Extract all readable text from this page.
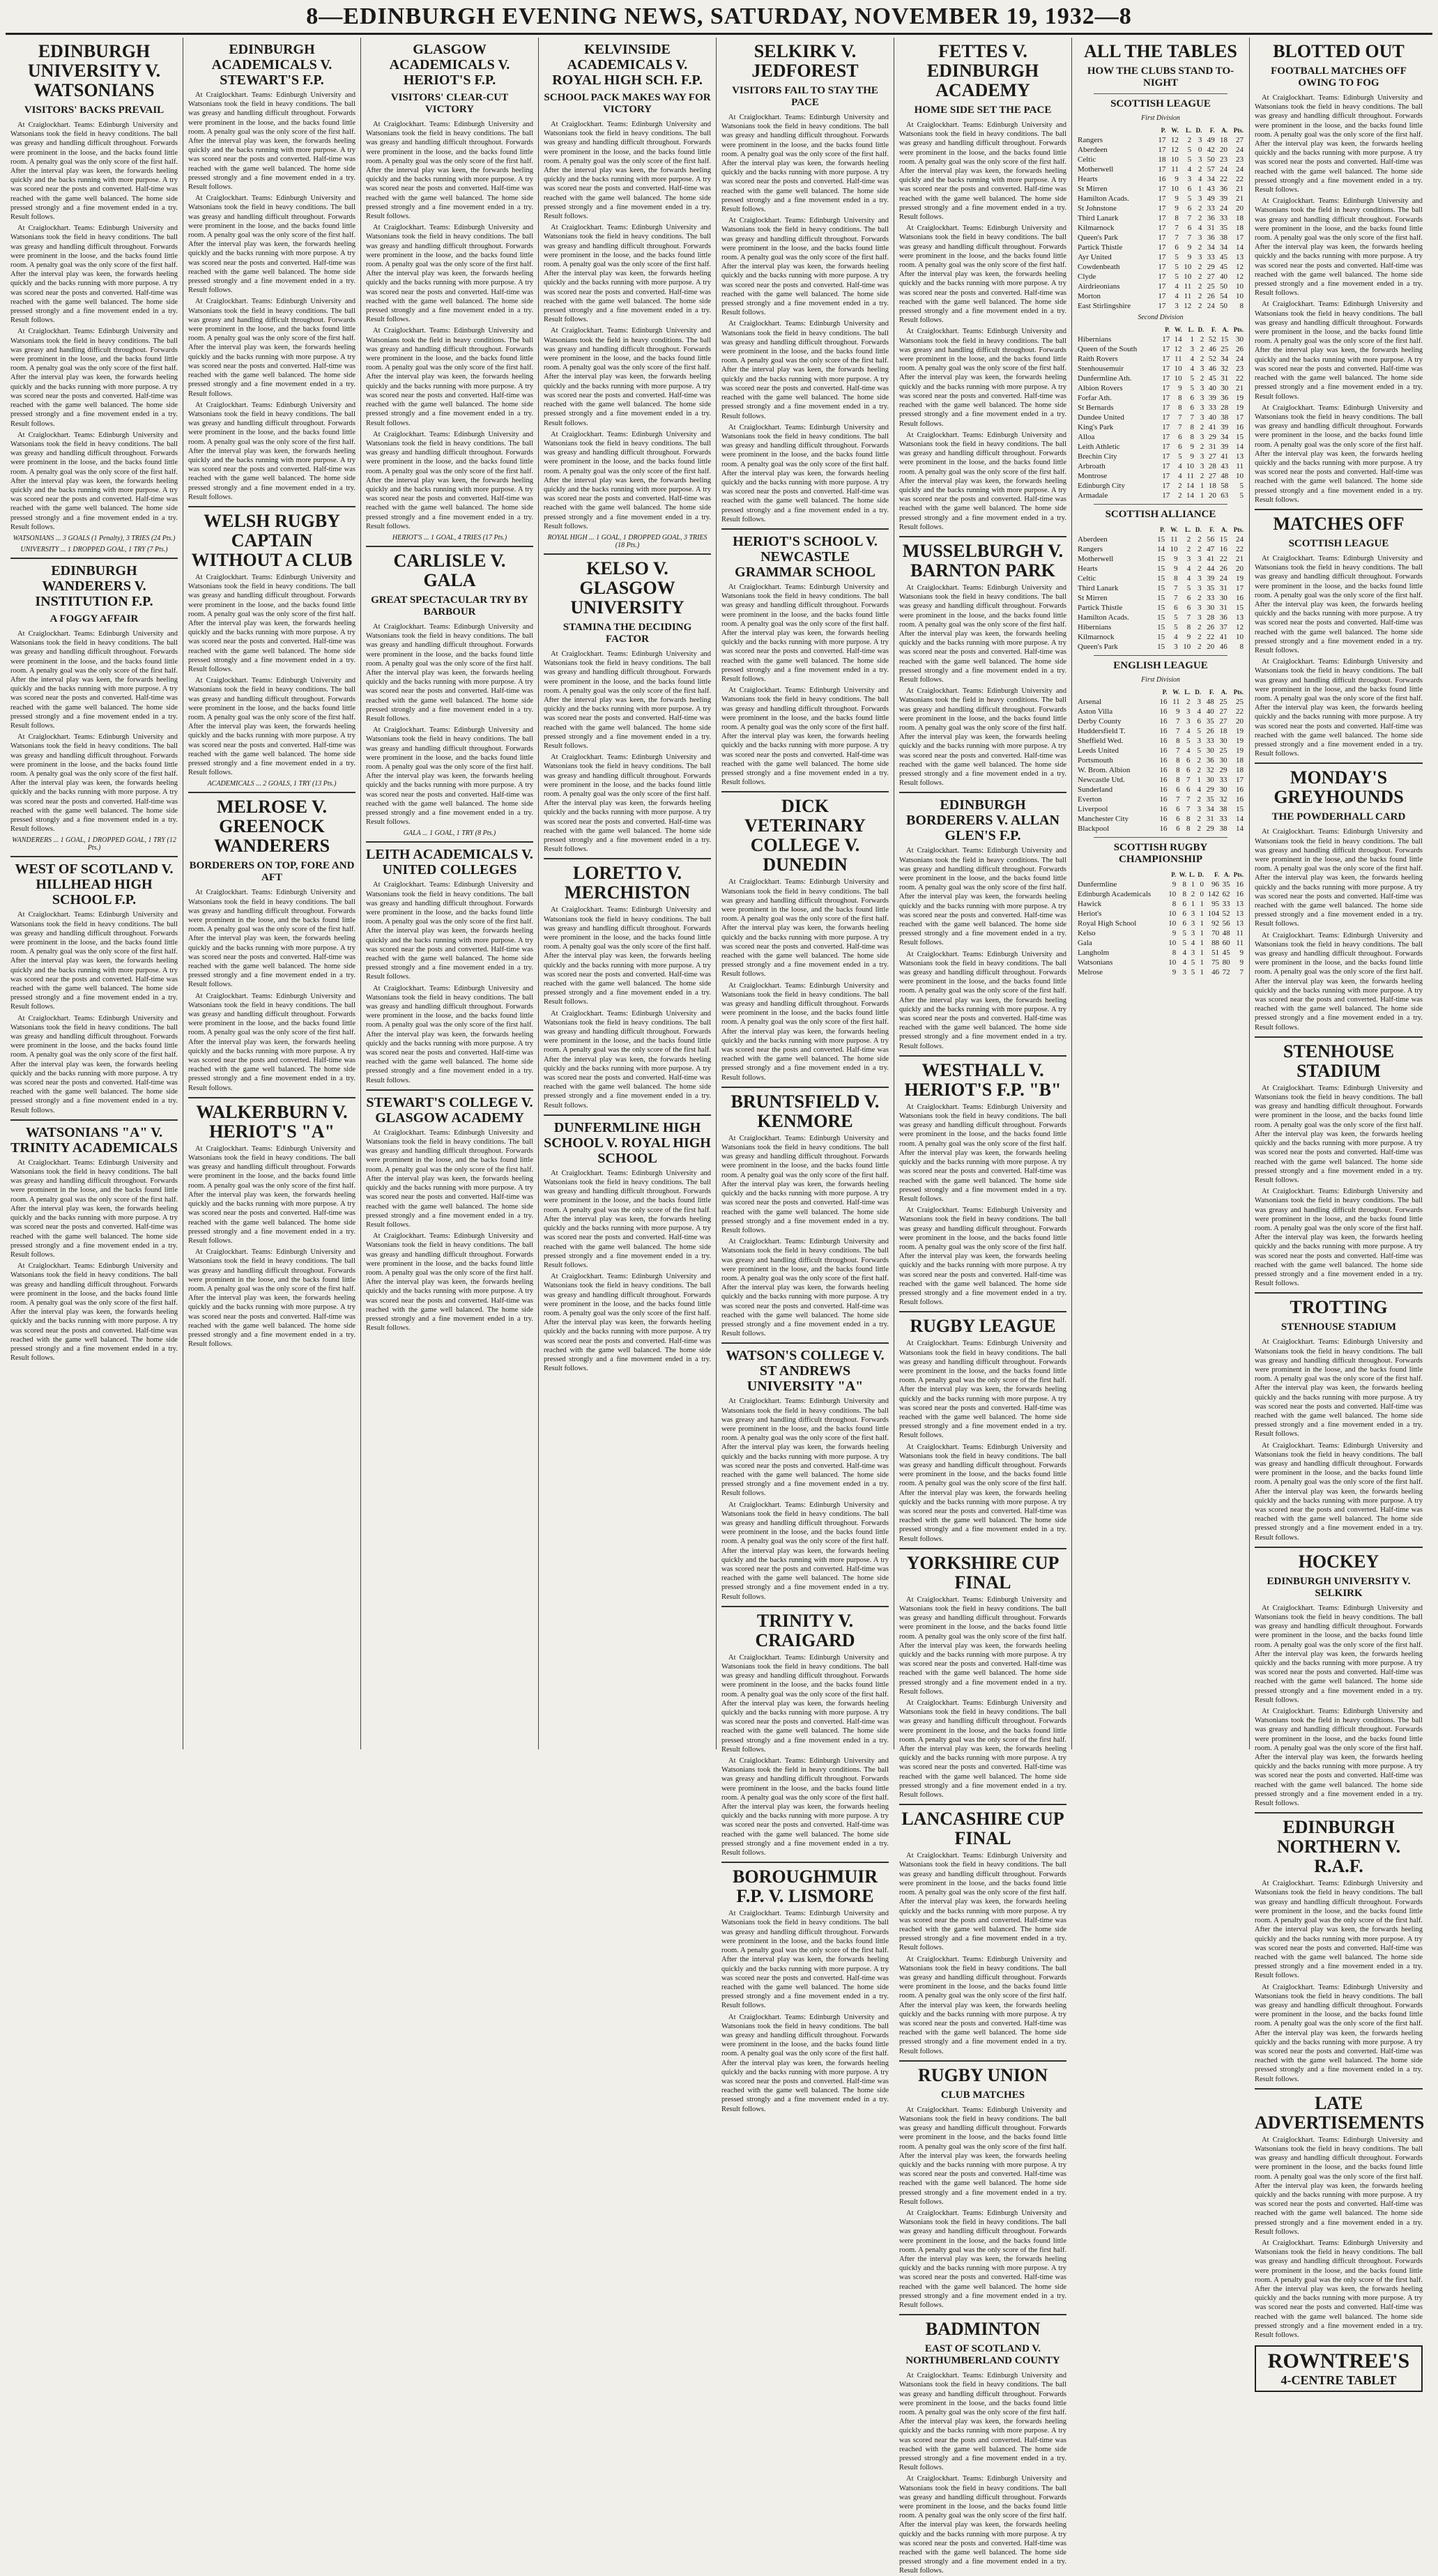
8—EDINBURGH EVENING NEWS, SATURDAY, NOVEMBER 19, 1932—8
EDINBURGH UNIVERSITY V. WATSONIANS
VISITORS' BACKS PREVAIL

At Craiglockhart. Teams: Edinburgh University and Watsonians took the field in heavy conditions. The ball was greasy and handling difficult throughout. Forwards were prominent in the loose, and the backs found little room. A penalty goal was the only score of the first half. After the interval play was keen, the forwards heeling quickly and the backs running with more purpose. A try was scored near the posts and converted. Half-time was reached with the game well balanced. The home side pressed strongly and a fine movement ended in a try. Result follows.

At Craiglockhart. Teams: Edinburgh University and Watsonians took the field in heavy conditions. The ball was greasy and handling difficult throughout. Forwards were prominent in the loose, and the backs found little room. A penalty goal was the only score of the first half. After the interval play was keen, the forwards heeling quickly and the backs running with more purpose. A try was scored near the posts and converted. Half-time was reached with the game well balanced. The home side pressed strongly and a fine movement ended in a try. Result follows.

At Craiglockhart. Teams: Edinburgh University and Watsonians took the field in heavy conditions. The ball was greasy and handling difficult throughout. Forwards were prominent in the loose, and the backs found little room. A penalty goal was the only score of the first half. After the interval play was keen, the forwards heeling quickly and the backs running with more purpose. A try was scored near the posts and converted. Half-time was reached with the game well balanced. The home side pressed strongly and a fine movement ended in a try. Result follows.

At Craiglockhart. Teams: Edinburgh University and Watsonians took the field in heavy conditions. The ball was greasy and handling difficult throughout. Forwards were prominent in the loose, and the backs found little room. A penalty goal was the only score of the first half. After the interval play was keen, the forwards heeling quickly and the backs running with more purpose. A try was scored near the posts and converted. Half-time was reached with the game well balanced. The home side pressed strongly and a fine movement ended in a try. Result follows.

WATSONIANS ... 3 GOALS (1 Penalty), 3 TRIES (24 Pts.)
UNIVERSITY ... 1 DROPPED GOAL, 1 TRY (7 Pts.)
EDINBURGH WANDERERS V. INSTITUTION F.P.
A FOGGY AFFAIR

At Craiglockhart. Teams: Edinburgh University and Watsonians took the field in heavy conditions. The ball was greasy and handling difficult throughout. Forwards were prominent in the loose, and the backs found little room. A penalty goal was the only score of the first half. After the interval play was keen, the forwards heeling quickly and the backs running with more purpose. A try was scored near the posts and converted. Half-time was reached with the game well balanced. The home side pressed strongly and a fine movement ended in a try. Result follows.

At Craiglockhart. Teams: Edinburgh University and Watsonians took the field in heavy conditions. The ball was greasy and handling difficult throughout. Forwards were prominent in the loose, and the backs found little room. A penalty goal was the only score of the first half. After the interval play was keen, the forwards heeling quickly and the backs running with more purpose. A try was scored near the posts and converted. Half-time was reached with the game well balanced. The home side pressed strongly and a fine movement ended in a try. Result follows.

WANDERERS ... 1 GOAL, 1 DROPPED GOAL, 1 TRY (12 Pts.)
WEST OF SCOTLAND V. HILLHEAD HIGH SCHOOL F.P.

At Craiglockhart. Teams: Edinburgh University and Watsonians took the field in heavy conditions. The ball was greasy and handling difficult throughout. Forwards were prominent in the loose, and the backs found little room. A penalty goal was the only score of the first half. After the interval play was keen, the forwards heeling quickly and the backs running with more purpose. A try was scored near the posts and converted. Half-time was reached with the game well balanced. The home side pressed strongly and a fine movement ended in a try. Result follows.

At Craiglockhart. Teams: Edinburgh University and Watsonians took the field in heavy conditions. The ball was greasy and handling difficult throughout. Forwards were prominent in the loose, and the backs found little room. A penalty goal was the only score of the first half. After the interval play was keen, the forwards heeling quickly and the backs running with more purpose. A try was scored near the posts and converted. Half-time was reached with the game well balanced. The home side pressed strongly and a fine movement ended in a try. Result follows.

WATSONIANS "A" V. TRINITY ACADEMICALS

At Craiglockhart. Teams: Edinburgh University and Watsonians took the field in heavy conditions. The ball was greasy and handling difficult throughout. Forwards were prominent in the loose, and the backs found little room. A penalty goal was the only score of the first half. After the interval play was keen, the forwards heeling quickly and the backs running with more purpose. A try was scored near the posts and converted. Half-time was reached with the game well balanced. The home side pressed strongly and a fine movement ended in a try. Result follows.

At Craiglockhart. Teams: Edinburgh University and Watsonians took the field in heavy conditions. The ball was greasy and handling difficult throughout. Forwards were prominent in the loose, and the backs found little room. A penalty goal was the only score of the first half. After the interval play was keen, the forwards heeling quickly and the backs running with more purpose. A try was scored near the posts and converted. Half-time was reached with the game well balanced. The home side pressed strongly and a fine movement ended in a try. Result follows.

EDINBURGH ACADEMICALS V. STEWART'S F.P.

At Craiglockhart. Teams: Edinburgh University and Watsonians took the field in heavy conditions. The ball was greasy and handling difficult throughout. Forwards were prominent in the loose, and the backs found little room. A penalty goal was the only score of the first half. After the interval play was keen, the forwards heeling quickly and the backs running with more purpose. A try was scored near the posts and converted. Half-time was reached with the game well balanced. The home side pressed strongly and a fine movement ended in a try. Result follows.

At Craiglockhart. Teams: Edinburgh University and Watsonians took the field in heavy conditions. The ball was greasy and handling difficult throughout. Forwards were prominent in the loose, and the backs found little room. A penalty goal was the only score of the first half. After the interval play was keen, the forwards heeling quickly and the backs running with more purpose. A try was scored near the posts and converted. Half-time was reached with the game well balanced. The home side pressed strongly and a fine movement ended in a try. Result follows.

At Craiglockhart. Teams: Edinburgh University and Watsonians took the field in heavy conditions. The ball was greasy and handling difficult throughout. Forwards were prominent in the loose, and the backs found little room. A penalty goal was the only score of the first half. After the interval play was keen, the forwards heeling quickly and the backs running with more purpose. A try was scored near the posts and converted. Half-time was reached with the game well balanced. The home side pressed strongly and a fine movement ended in a try. Result follows.

At Craiglockhart. Teams: Edinburgh University and Watsonians took the field in heavy conditions. The ball was greasy and handling difficult throughout. Forwards were prominent in the loose, and the backs found little room. A penalty goal was the only score of the first half. After the interval play was keen, the forwards heeling quickly and the backs running with more purpose. A try was scored near the posts and converted. Half-time was reached with the game well balanced. The home side pressed strongly and a fine movement ended in a try. Result follows.

WELSH RUGBY CAPTAIN WITHOUT A CLUB

At Craiglockhart. Teams: Edinburgh University and Watsonians took the field in heavy conditions. The ball was greasy and handling difficult throughout. Forwards were prominent in the loose, and the backs found little room. A penalty goal was the only score of the first half. After the interval play was keen, the forwards heeling quickly and the backs running with more purpose. A try was scored near the posts and converted. Half-time was reached with the game well balanced. The home side pressed strongly and a fine movement ended in a try. Result follows.

At Craiglockhart. Teams: Edinburgh University and Watsonians took the field in heavy conditions. The ball was greasy and handling difficult throughout. Forwards were prominent in the loose, and the backs found little room. A penalty goal was the only score of the first half. After the interval play was keen, the forwards heeling quickly and the backs running with more purpose. A try was scored near the posts and converted. Half-time was reached with the game well balanced. The home side pressed strongly and a fine movement ended in a try. Result follows.

ACADEMICALS ... 2 GOALS, 1 TRY (13 Pts.)
MELROSE V. GREENOCK WANDERERS
BORDERERS ON TOP, FORE AND AFT

At Craiglockhart. Teams: Edinburgh University and Watsonians took the field in heavy conditions. The ball was greasy and handling difficult throughout. Forwards were prominent in the loose, and the backs found little room. A penalty goal was the only score of the first half. After the interval play was keen, the forwards heeling quickly and the backs running with more purpose. A try was scored near the posts and converted. Half-time was reached with the game well balanced. The home side pressed strongly and a fine movement ended in a try. Result follows.

At Craiglockhart. Teams: Edinburgh University and Watsonians took the field in heavy conditions. The ball was greasy and handling difficult throughout. Forwards were prominent in the loose, and the backs found little room. A penalty goal was the only score of the first half. After the interval play was keen, the forwards heeling quickly and the backs running with more purpose. A try was scored near the posts and converted. Half-time was reached with the game well balanced. The home side pressed strongly and a fine movement ended in a try. Result follows.

WALKERBURN V. HERIOT'S "A"

At Craiglockhart. Teams: Edinburgh University and Watsonians took the field in heavy conditions. The ball was greasy and handling difficult throughout. Forwards were prominent in the loose, and the backs found little room. A penalty goal was the only score of the first half. After the interval play was keen, the forwards heeling quickly and the backs running with more purpose. A try was scored near the posts and converted. Half-time was reached with the game well balanced. The home side pressed strongly and a fine movement ended in a try. Result follows.

At Craiglockhart. Teams: Edinburgh University and Watsonians took the field in heavy conditions. The ball was greasy and handling difficult throughout. Forwards were prominent in the loose, and the backs found little room. A penalty goal was the only score of the first half. After the interval play was keen, the forwards heeling quickly and the backs running with more purpose. A try was scored near the posts and converted. Half-time was reached with the game well balanced. The home side pressed strongly and a fine movement ended in a try. Result follows.

GLASGOW ACADEMICALS V. HERIOT'S F.P.
VISITORS' CLEAR-CUT VICTORY

At Craiglockhart. Teams: Edinburgh University and Watsonians took the field in heavy conditions. The ball was greasy and handling difficult throughout. Forwards were prominent in the loose, and the backs found little room. A penalty goal was the only score of the first half. After the interval play was keen, the forwards heeling quickly and the backs running with more purpose. A try was scored near the posts and converted. Half-time was reached with the game well balanced. The home side pressed strongly and a fine movement ended in a try. Result follows.

At Craiglockhart. Teams: Edinburgh University and Watsonians took the field in heavy conditions. The ball was greasy and handling difficult throughout. Forwards were prominent in the loose, and the backs found little room. A penalty goal was the only score of the first half. After the interval play was keen, the forwards heeling quickly and the backs running with more purpose. A try was scored near the posts and converted. Half-time was reached with the game well balanced. The home side pressed strongly and a fine movement ended in a try. Result follows.

At Craiglockhart. Teams: Edinburgh University and Watsonians took the field in heavy conditions. The ball was greasy and handling difficult throughout. Forwards were prominent in the loose, and the backs found little room. A penalty goal was the only score of the first half. After the interval play was keen, the forwards heeling quickly and the backs running with more purpose. A try was scored near the posts and converted. Half-time was reached with the game well balanced. The home side pressed strongly and a fine movement ended in a try. Result follows.

At Craiglockhart. Teams: Edinburgh University and Watsonians took the field in heavy conditions. The ball was greasy and handling difficult throughout. Forwards were prominent in the loose, and the backs found little room. A penalty goal was the only score of the first half. After the interval play was keen, the forwards heeling quickly and the backs running with more purpose. A try was scored near the posts and converted. Half-time was reached with the game well balanced. The home side pressed strongly and a fine movement ended in a try. Result follows.

HERIOT'S ... 1 GOAL, 4 TRIES (17 Pts.)
CARLISLE V. GALA
GREAT SPECTACULAR TRY BY BARBOUR

At Craiglockhart. Teams: Edinburgh University and Watsonians took the field in heavy conditions. The ball was greasy and handling difficult throughout. Forwards were prominent in the loose, and the backs found little room. A penalty goal was the only score of the first half. After the interval play was keen, the forwards heeling quickly and the backs running with more purpose. A try was scored near the posts and converted. Half-time was reached with the game well balanced. The home side pressed strongly and a fine movement ended in a try. Result follows.

At Craiglockhart. Teams: Edinburgh University and Watsonians took the field in heavy conditions. The ball was greasy and handling difficult throughout. Forwards were prominent in the loose, and the backs found little room. A penalty goal was the only score of the first half. After the interval play was keen, the forwards heeling quickly and the backs running with more purpose. A try was scored near the posts and converted. Half-time was reached with the game well balanced. The home side pressed strongly and a fine movement ended in a try. Result follows.

GALA ... 1 GOAL, 1 TRY (8 Pts.)
LEITH ACADEMICALS V. UNITED COLLEGES

At Craiglockhart. Teams: Edinburgh University and Watsonians took the field in heavy conditions. The ball was greasy and handling difficult throughout. Forwards were prominent in the loose, and the backs found little room. A penalty goal was the only score of the first half. After the interval play was keen, the forwards heeling quickly and the backs running with more purpose. A try was scored near the posts and converted. Half-time was reached with the game well balanced. The home side pressed strongly and a fine movement ended in a try. Result follows.

At Craiglockhart. Teams: Edinburgh University and Watsonians took the field in heavy conditions. The ball was greasy and handling difficult throughout. Forwards were prominent in the loose, and the backs found little room. A penalty goal was the only score of the first half. After the interval play was keen, the forwards heeling quickly and the backs running with more purpose. A try was scored near the posts and converted. Half-time was reached with the game well balanced. The home side pressed strongly and a fine movement ended in a try. Result follows.

STEWART'S COLLEGE V. GLASGOW ACADEMY

At Craiglockhart. Teams: Edinburgh University and Watsonians took the field in heavy conditions. The ball was greasy and handling difficult throughout. Forwards were prominent in the loose, and the backs found little room. A penalty goal was the only score of the first half. After the interval play was keen, the forwards heeling quickly and the backs running with more purpose. A try was scored near the posts and converted. Half-time was reached with the game well balanced. The home side pressed strongly and a fine movement ended in a try. Result follows.

At Craiglockhart. Teams: Edinburgh University and Watsonians took the field in heavy conditions. The ball was greasy and handling difficult throughout. Forwards were prominent in the loose, and the backs found little room. A penalty goal was the only score of the first half. After the interval play was keen, the forwards heeling quickly and the backs running with more purpose. A try was scored near the posts and converted. Half-time was reached with the game well balanced. The home side pressed strongly and a fine movement ended in a try. Result follows.

KELVINSIDE ACADEMICALS V. ROYAL HIGH SCH. F.P.
SCHOOL PACK MAKES WAY FOR VICTORY

At Craiglockhart. Teams: Edinburgh University and Watsonians took the field in heavy conditions. The ball was greasy and handling difficult throughout. Forwards were prominent in the loose, and the backs found little room. A penalty goal was the only score of the first half. After the interval play was keen, the forwards heeling quickly and the backs running with more purpose. A try was scored near the posts and converted. Half-time was reached with the game well balanced. The home side pressed strongly and a fine movement ended in a try. Result follows.

At Craiglockhart. Teams: Edinburgh University and Watsonians took the field in heavy conditions. The ball was greasy and handling difficult throughout. Forwards were prominent in the loose, and the backs found little room. A penalty goal was the only score of the first half. After the interval play was keen, the forwards heeling quickly and the backs running with more purpose. A try was scored near the posts and converted. Half-time was reached with the game well balanced. The home side pressed strongly and a fine movement ended in a try. Result follows.

At Craiglockhart. Teams: Edinburgh University and Watsonians took the field in heavy conditions. The ball was greasy and handling difficult throughout. Forwards were prominent in the loose, and the backs found little room. A penalty goal was the only score of the first half. After the interval play was keen, the forwards heeling quickly and the backs running with more purpose. A try was scored near the posts and converted. Half-time was reached with the game well balanced. The home side pressed strongly and a fine movement ended in a try. Result follows.

At Craiglockhart. Teams: Edinburgh University and Watsonians took the field in heavy conditions. The ball was greasy and handling difficult throughout. Forwards were prominent in the loose, and the backs found little room. A penalty goal was the only score of the first half. After the interval play was keen, the forwards heeling quickly and the backs running with more purpose. A try was scored near the posts and converted. Half-time was reached with the game well balanced. The home side pressed strongly and a fine movement ended in a try. Result follows.

ROYAL HIGH ... 1 GOAL, 1 DROPPED GOAL, 3 TRIES (18 Pts.)
KELSO V. GLASGOW UNIVERSITY
STAMINA THE DECIDING FACTOR

At Craiglockhart. Teams: Edinburgh University and Watsonians took the field in heavy conditions. The ball was greasy and handling difficult throughout. Forwards were prominent in the loose, and the backs found little room. A penalty goal was the only score of the first half. After the interval play was keen, the forwards heeling quickly and the backs running with more purpose. A try was scored near the posts and converted. Half-time was reached with the game well balanced. The home side pressed strongly and a fine movement ended in a try. Result follows.

At Craiglockhart. Teams: Edinburgh University and Watsonians took the field in heavy conditions. The ball was greasy and handling difficult throughout. Forwards were prominent in the loose, and the backs found little room. A penalty goal was the only score of the first half. After the interval play was keen, the forwards heeling quickly and the backs running with more purpose. A try was scored near the posts and converted. Half-time was reached with the game well balanced. The home side pressed strongly and a fine movement ended in a try. Result follows.

LORETTO V. MERCHISTON

At Craiglockhart. Teams: Edinburgh University and Watsonians took the field in heavy conditions. The ball was greasy and handling difficult throughout. Forwards were prominent in the loose, and the backs found little room. A penalty goal was the only score of the first half. After the interval play was keen, the forwards heeling quickly and the backs running with more purpose. A try was scored near the posts and converted. Half-time was reached with the game well balanced. The home side pressed strongly and a fine movement ended in a try. Result follows.

At Craiglockhart. Teams: Edinburgh University and Watsonians took the field in heavy conditions. The ball was greasy and handling difficult throughout. Forwards were prominent in the loose, and the backs found little room. A penalty goal was the only score of the first half. After the interval play was keen, the forwards heeling quickly and the backs running with more purpose. A try was scored near the posts and converted. Half-time was reached with the game well balanced. The home side pressed strongly and a fine movement ended in a try. Result follows.

DUNFERMLINE HIGH SCHOOL V. ROYAL HIGH SCHOOL

At Craiglockhart. Teams: Edinburgh University and Watsonians took the field in heavy conditions. The ball was greasy and handling difficult throughout. Forwards were prominent in the loose, and the backs found little room. A penalty goal was the only score of the first half. After the interval play was keen, the forwards heeling quickly and the backs running with more purpose. A try was scored near the posts and converted. Half-time was reached with the game well balanced. The home side pressed strongly and a fine movement ended in a try. Result follows.

At Craiglockhart. Teams: Edinburgh University and Watsonians took the field in heavy conditions. The ball was greasy and handling difficult throughout. Forwards were prominent in the loose, and the backs found little room. A penalty goal was the only score of the first half. After the interval play was keen, the forwards heeling quickly and the backs running with more purpose. A try was scored near the posts and converted. Half-time was reached with the game well balanced. The home side pressed strongly and a fine movement ended in a try. Result follows.

SELKIRK V. JEDFOREST
VISITORS FAIL TO STAY THE PACE

At Craiglockhart. Teams: Edinburgh University and Watsonians took the field in heavy conditions. The ball was greasy and handling difficult throughout. Forwards were prominent in the loose, and the backs found little room. A penalty goal was the only score of the first half. After the interval play was keen, the forwards heeling quickly and the backs running with more purpose. A try was scored near the posts and converted. Half-time was reached with the game well balanced. The home side pressed strongly and a fine movement ended in a try. Result follows.

At Craiglockhart. Teams: Edinburgh University and Watsonians took the field in heavy conditions. The ball was greasy and handling difficult throughout. Forwards were prominent in the loose, and the backs found little room. A penalty goal was the only score of the first half. After the interval play was keen, the forwards heeling quickly and the backs running with more purpose. A try was scored near the posts and converted. Half-time was reached with the game well balanced. The home side pressed strongly and a fine movement ended in a try. Result follows.

At Craiglockhart. Teams: Edinburgh University and Watsonians took the field in heavy conditions. The ball was greasy and handling difficult throughout. Forwards were prominent in the loose, and the backs found little room. A penalty goal was the only score of the first half. After the interval play was keen, the forwards heeling quickly and the backs running with more purpose. A try was scored near the posts and converted. Half-time was reached with the game well balanced. The home side pressed strongly and a fine movement ended in a try. Result follows.

At Craiglockhart. Teams: Edinburgh University and Watsonians took the field in heavy conditions. The ball was greasy and handling difficult throughout. Forwards were prominent in the loose, and the backs found little room. A penalty goal was the only score of the first half. After the interval play was keen, the forwards heeling quickly and the backs running with more purpose. A try was scored near the posts and converted. Half-time was reached with the game well balanced. The home side pressed strongly and a fine movement ended in a try. Result follows.

HERIOT'S SCHOOL V. NEWCASTLE GRAMMAR SCHOOL

At Craiglockhart. Teams: Edinburgh University and Watsonians took the field in heavy conditions. The ball was greasy and handling difficult throughout. Forwards were prominent in the loose, and the backs found little room. A penalty goal was the only score of the first half. After the interval play was keen, the forwards heeling quickly and the backs running with more purpose. A try was scored near the posts and converted. Half-time was reached with the game well balanced. The home side pressed strongly and a fine movement ended in a try. Result follows.

At Craiglockhart. Teams: Edinburgh University and Watsonians took the field in heavy conditions. The ball was greasy and handling difficult throughout. Forwards were prominent in the loose, and the backs found little room. A penalty goal was the only score of the first half. After the interval play was keen, the forwards heeling quickly and the backs running with more purpose. A try was scored near the posts and converted. Half-time was reached with the game well balanced. The home side pressed strongly and a fine movement ended in a try. Result follows.

DICK VETERINARY COLLEGE V. DUNEDIN

At Craiglockhart. Teams: Edinburgh University and Watsonians took the field in heavy conditions. The ball was greasy and handling difficult throughout. Forwards were prominent in the loose, and the backs found little room. A penalty goal was the only score of the first half. After the interval play was keen, the forwards heeling quickly and the backs running with more purpose. A try was scored near the posts and converted. Half-time was reached with the game well balanced. The home side pressed strongly and a fine movement ended in a try. Result follows.

At Craiglockhart. Teams: Edinburgh University and Watsonians took the field in heavy conditions. The ball was greasy and handling difficult throughout. Forwards were prominent in the loose, and the backs found little room. A penalty goal was the only score of the first half. After the interval play was keen, the forwards heeling quickly and the backs running with more purpose. A try was scored near the posts and converted. Half-time was reached with the game well balanced. The home side pressed strongly and a fine movement ended in a try. Result follows.

BRUNTSFIELD V. KENMORE

At Craiglockhart. Teams: Edinburgh University and Watsonians took the field in heavy conditions. The ball was greasy and handling difficult throughout. Forwards were prominent in the loose, and the backs found little room. A penalty goal was the only score of the first half. After the interval play was keen, the forwards heeling quickly and the backs running with more purpose. A try was scored near the posts and converted. Half-time was reached with the game well balanced. The home side pressed strongly and a fine movement ended in a try. Result follows.

At Craiglockhart. Teams: Edinburgh University and Watsonians took the field in heavy conditions. The ball was greasy and handling difficult throughout. Forwards were prominent in the loose, and the backs found little room. A penalty goal was the only score of the first half. After the interval play was keen, the forwards heeling quickly and the backs running with more purpose. A try was scored near the posts and converted. Half-time was reached with the game well balanced. The home side pressed strongly and a fine movement ended in a try. Result follows.

WATSON'S COLLEGE V. ST ANDREWS UNIVERSITY "A"

At Craiglockhart. Teams: Edinburgh University and Watsonians took the field in heavy conditions. The ball was greasy and handling difficult throughout. Forwards were prominent in the loose, and the backs found little room. A penalty goal was the only score of the first half. After the interval play was keen, the forwards heeling quickly and the backs running with more purpose. A try was scored near the posts and converted. Half-time was reached with the game well balanced. The home side pressed strongly and a fine movement ended in a try. Result follows.

At Craiglockhart. Teams: Edinburgh University and Watsonians took the field in heavy conditions. The ball was greasy and handling difficult throughout. Forwards were prominent in the loose, and the backs found little room. A penalty goal was the only score of the first half. After the interval play was keen, the forwards heeling quickly and the backs running with more purpose. A try was scored near the posts and converted. Half-time was reached with the game well balanced. The home side pressed strongly and a fine movement ended in a try. Result follows.

TRINITY V. CRAIGARD

At Craiglockhart. Teams: Edinburgh University and Watsonians took the field in heavy conditions. The ball was greasy and handling difficult throughout. Forwards were prominent in the loose, and the backs found little room. A penalty goal was the only score of the first half. After the interval play was keen, the forwards heeling quickly and the backs running with more purpose. A try was scored near the posts and converted. Half-time was reached with the game well balanced. The home side pressed strongly and a fine movement ended in a try. Result follows.

At Craiglockhart. Teams: Edinburgh University and Watsonians took the field in heavy conditions. The ball was greasy and handling difficult throughout. Forwards were prominent in the loose, and the backs found little room. A penalty goal was the only score of the first half. After the interval play was keen, the forwards heeling quickly and the backs running with more purpose. A try was scored near the posts and converted. Half-time was reached with the game well balanced. The home side pressed strongly and a fine movement ended in a try. Result follows.

BOROUGHMUIR F.P. V. LISMORE

At Craiglockhart. Teams: Edinburgh University and Watsonians took the field in heavy conditions. The ball was greasy and handling difficult throughout. Forwards were prominent in the loose, and the backs found little room. A penalty goal was the only score of the first half. After the interval play was keen, the forwards heeling quickly and the backs running with more purpose. A try was scored near the posts and converted. Half-time was reached with the game well balanced. The home side pressed strongly and a fine movement ended in a try. Result follows.

At Craiglockhart. Teams: Edinburgh University and Watsonians took the field in heavy conditions. The ball was greasy and handling difficult throughout. Forwards were prominent in the loose, and the backs found little room. A penalty goal was the only score of the first half. After the interval play was keen, the forwards heeling quickly and the backs running with more purpose. A try was scored near the posts and converted. Half-time was reached with the game well balanced. The home side pressed strongly and a fine movement ended in a try. Result follows.

FETTES V. EDINBURGH ACADEMY
HOME SIDE SET THE PACE

At Craiglockhart. Teams: Edinburgh University and Watsonians took the field in heavy conditions. The ball was greasy and handling difficult throughout. Forwards were prominent in the loose, and the backs found little room. A penalty goal was the only score of the first half. After the interval play was keen, the forwards heeling quickly and the backs running with more purpose. A try was scored near the posts and converted. Half-time was reached with the game well balanced. The home side pressed strongly and a fine movement ended in a try. Result follows.

At Craiglockhart. Teams: Edinburgh University and Watsonians took the field in heavy conditions. The ball was greasy and handling difficult throughout. Forwards were prominent in the loose, and the backs found little room. A penalty goal was the only score of the first half. After the interval play was keen, the forwards heeling quickly and the backs running with more purpose. A try was scored near the posts and converted. Half-time was reached with the game well balanced. The home side pressed strongly and a fine movement ended in a try. Result follows.

At Craiglockhart. Teams: Edinburgh University and Watsonians took the field in heavy conditions. The ball was greasy and handling difficult throughout. Forwards were prominent in the loose, and the backs found little room. A penalty goal was the only score of the first half. After the interval play was keen, the forwards heeling quickly and the backs running with more purpose. A try was scored near the posts and converted. Half-time was reached with the game well balanced. The home side pressed strongly and a fine movement ended in a try. Result follows.

At Craiglockhart. Teams: Edinburgh University and Watsonians took the field in heavy conditions. The ball was greasy and handling difficult throughout. Forwards were prominent in the loose, and the backs found little room. A penalty goal was the only score of the first half. After the interval play was keen, the forwards heeling quickly and the backs running with more purpose. A try was scored near the posts and converted. Half-time was reached with the game well balanced. The home side pressed strongly and a fine movement ended in a try. Result follows.

MUSSELBURGH V. BARNTON PARK

At Craiglockhart. Teams: Edinburgh University and Watsonians took the field in heavy conditions. The ball was greasy and handling difficult throughout. Forwards were prominent in the loose, and the backs found little room. A penalty goal was the only score of the first half. After the interval play was keen, the forwards heeling quickly and the backs running with more purpose. A try was scored near the posts and converted. Half-time was reached with the game well balanced. The home side pressed strongly and a fine movement ended in a try. Result follows.

At Craiglockhart. Teams: Edinburgh University and Watsonians took the field in heavy conditions. The ball was greasy and handling difficult throughout. Forwards were prominent in the loose, and the backs found little room. A penalty goal was the only score of the first half. After the interval play was keen, the forwards heeling quickly and the backs running with more purpose. A try was scored near the posts and converted. Half-time was reached with the game well balanced. The home side pressed strongly and a fine movement ended in a try. Result follows.

EDINBURGH BORDERERS V. ALLAN GLEN'S F.P.

At Craiglockhart. Teams: Edinburgh University and Watsonians took the field in heavy conditions. The ball was greasy and handling difficult throughout. Forwards were prominent in the loose, and the backs found little room. A penalty goal was the only score of the first half. After the interval play was keen, the forwards heeling quickly and the backs running with more purpose. A try was scored near the posts and converted. Half-time was reached with the game well balanced. The home side pressed strongly and a fine movement ended in a try. Result follows.

At Craiglockhart. Teams: Edinburgh University and Watsonians took the field in heavy conditions. The ball was greasy and handling difficult throughout. Forwards were prominent in the loose, and the backs found little room. A penalty goal was the only score of the first half. After the interval play was keen, the forwards heeling quickly and the backs running with more purpose. A try was scored near the posts and converted. Half-time was reached with the game well balanced. The home side pressed strongly and a fine movement ended in a try. Result follows.

WESTHALL V. HERIOT'S F.P. "B"

At Craiglockhart. Teams: Edinburgh University and Watsonians took the field in heavy conditions. The ball was greasy and handling difficult throughout. Forwards were prominent in the loose, and the backs found little room. A penalty goal was the only score of the first half. After the interval play was keen, the forwards heeling quickly and the backs running with more purpose. A try was scored near the posts and converted. Half-time was reached with the game well balanced. The home side pressed strongly and a fine movement ended in a try. Result follows.

At Craiglockhart. Teams: Edinburgh University and Watsonians took the field in heavy conditions. The ball was greasy and handling difficult throughout. Forwards were prominent in the loose, and the backs found little room. A penalty goal was the only score of the first half. After the interval play was keen, the forwards heeling quickly and the backs running with more purpose. A try was scored near the posts and converted. Half-time was reached with the game well balanced. The home side pressed strongly and a fine movement ended in a try. Result follows.

RUGBY LEAGUE

At Craiglockhart. Teams: Edinburgh University and Watsonians took the field in heavy conditions. The ball was greasy and handling difficult throughout. Forwards were prominent in the loose, and the backs found little room. A penalty goal was the only score of the first half. After the interval play was keen, the forwards heeling quickly and the backs running with more purpose. A try was scored near the posts and converted. Half-time was reached with the game well balanced. The home side pressed strongly and a fine movement ended in a try. Result follows.

At Craiglockhart. Teams: Edinburgh University and Watsonians took the field in heavy conditions. The ball was greasy and handling difficult throughout. Forwards were prominent in the loose, and the backs found little room. A penalty goal was the only score of the first half. After the interval play was keen, the forwards heeling quickly and the backs running with more purpose. A try was scored near the posts and converted. Half-time was reached with the game well balanced. The home side pressed strongly and a fine movement ended in a try. Result follows.

YORKSHIRE CUP FINAL

At Craiglockhart. Teams: Edinburgh University and Watsonians took the field in heavy conditions. The ball was greasy and handling difficult throughout. Forwards were prominent in the loose, and the backs found little room. A penalty goal was the only score of the first half. After the interval play was keen, the forwards heeling quickly and the backs running with more purpose. A try was scored near the posts and converted. Half-time was reached with the game well balanced. The home side pressed strongly and a fine movement ended in a try. Result follows.

At Craiglockhart. Teams: Edinburgh University and Watsonians took the field in heavy conditions. The ball was greasy and handling difficult throughout. Forwards were prominent in the loose, and the backs found little room. A penalty goal was the only score of the first half. After the interval play was keen, the forwards heeling quickly and the backs running with more purpose. A try was scored near the posts and converted. Half-time was reached with the game well balanced. The home side pressed strongly and a fine movement ended in a try. Result follows.

LANCASHIRE CUP FINAL

At Craiglockhart. Teams: Edinburgh University and Watsonians took the field in heavy conditions. The ball was greasy and handling difficult throughout. Forwards were prominent in the loose, and the backs found little room. A penalty goal was the only score of the first half. After the interval play was keen, the forwards heeling quickly and the backs running with more purpose. A try was scored near the posts and converted. Half-time was reached with the game well balanced. The home side pressed strongly and a fine movement ended in a try. Result follows.

At Craiglockhart. Teams: Edinburgh University and Watsonians took the field in heavy conditions. The ball was greasy and handling difficult throughout. Forwards were prominent in the loose, and the backs found little room. A penalty goal was the only score of the first half. After the interval play was keen, the forwards heeling quickly and the backs running with more purpose. A try was scored near the posts and converted. Half-time was reached with the game well balanced. The home side pressed strongly and a fine movement ended in a try. Result follows.

RUGBY UNION
CLUB MATCHES

At Craiglockhart. Teams: Edinburgh University and Watsonians took the field in heavy conditions. The ball was greasy and handling difficult throughout. Forwards were prominent in the loose, and the backs found little room. A penalty goal was the only score of the first half. After the interval play was keen, the forwards heeling quickly and the backs running with more purpose. A try was scored near the posts and converted. Half-time was reached with the game well balanced. The home side pressed strongly and a fine movement ended in a try. Result follows.

At Craiglockhart. Teams: Edinburgh University and Watsonians took the field in heavy conditions. The ball was greasy and handling difficult throughout. Forwards were prominent in the loose, and the backs found little room. A penalty goal was the only score of the first half. After the interval play was keen, the forwards heeling quickly and the backs running with more purpose. A try was scored near the posts and converted. Half-time was reached with the game well balanced. The home side pressed strongly and a fine movement ended in a try. Result follows.

BADMINTON
EAST OF SCOTLAND V. NORTHUMBERLAND COUNTY

At Craiglockhart. Teams: Edinburgh University and Watsonians took the field in heavy conditions. The ball was greasy and handling difficult throughout. Forwards were prominent in the loose, and the backs found little room. A penalty goal was the only score of the first half. After the interval play was keen, the forwards heeling quickly and the backs running with more purpose. A try was scored near the posts and converted. Half-time was reached with the game well balanced. The home side pressed strongly and a fine movement ended in a try. Result follows.

At Craiglockhart. Teams: Edinburgh University and Watsonians took the field in heavy conditions. The ball was greasy and handling difficult throughout. Forwards were prominent in the loose, and the backs found little room. A penalty goal was the only score of the first half. After the interval play was keen, the forwards heeling quickly and the backs running with more purpose. A try was scored near the posts and converted. Half-time was reached with the game well balanced. The home side pressed strongly and a fine movement ended in a try. Result follows.

ALL THE TABLES
HOW THE CLUBS STAND TO-NIGHT
SCOTTISH LEAGUE
First Division
	P.	W.	L.	D.	F.	A.	Pts.
Rangers	17	12	2	3	49	18	27
Aberdeen	17	12	5	0	42	20	24
Celtic	18	10	5	3	50	23	23
Motherwell	17	11	4	2	57	24	24
Hearts	16	9	3	4	34	22	22
St Mirren	17	10	6	1	43	36	21
Hamilton Acads.	17	9	5	3	49	39	21
St Johnstone	17	9	6	2	33	24	20
Third Lanark	17	8	7	2	36	33	18
Kilmarnock	17	7	6	4	31	35	18
Queen's Park	17	7	7	3	36	38	17
Partick Thistle	17	6	9	2	34	34	14
Ayr United	17	5	9	3	33	45	13
Cowdenbeath	17	5	10	2	29	45	12
Clyde	17	5	10	2	27	40	12
Airdrieonians	17	4	11	2	25	50	10
Morton	17	4	11	2	26	54	10
East Stirlingshire	17	3	12	2	24	50	8
Second Division
	P.	W.	L.	D.	F.	A.	Pts.
Hibernians	17	14	1	2	52	15	30
Queen of the South	17	12	3	2	46	25	26
Raith Rovers	17	11	4	2	52	34	24
Stenhousemuir	17	10	4	3	46	32	23
Dunfermline Ath.	17	10	5	2	45	31	22
Albion Rovers	17	9	5	3	40	30	21
Forfar Ath.	17	8	6	3	39	36	19
St Bernards	17	8	6	3	33	28	19
Dundee United	17	7	7	3	40	38	17
King's Park	17	7	8	2	41	39	16
Alloa	17	6	8	3	29	34	15
Leith Athletic	17	6	9	2	31	39	14
Brechin City	17	5	9	3	27	41	13
Arbroath	17	4	10	3	28	43	11
Montrose	17	4	11	2	27	48	10
Edinburgh City	17	2	14	1	18	58	5
Armadale	17	2	14	1	20	63	5
SCOTTISH ALLIANCE
	P.	W.	L.	D.	F.	A.	Pts.
Aberdeen	15	11	2	2	56	15	24
Rangers	14	10	2	2	47	16	22
Motherwell	15	9	3	3	41	22	21
Hearts	15	9	4	2	44	26	20
Celtic	15	8	4	3	39	24	19
Third Lanark	15	7	5	3	35	31	17
St Mirren	15	7	6	2	33	30	16
Partick Thistle	15	6	6	3	30	31	15
Hamilton Acads.	15	5	7	3	28	36	13
Hibernians	15	5	8	2	26	37	12
Kilmarnock	15	4	9	2	22	41	10
Queen's Park	15	3	10	2	20	46	8
ENGLISH LEAGUE
First Division
	P.	W.	L.	D.	F.	A.	Pts.
Arsenal	16	11	2	3	48	25	25
Aston Villa	16	9	3	4	40	27	22
Derby County	16	7	3	6	35	27	20
Huddersfield T.	16	7	4	5	26	18	19
Sheffield Wed.	16	8	5	3	33	30	19
Leeds United	16	7	4	5	30	25	19
Portsmouth	16	8	6	2	36	30	18
W. Brom. Albion	16	8	6	2	32	29	18
Newcastle Utd.	16	8	7	1	30	33	17
Sunderland	16	6	6	4	29	30	16
Everton	16	7	7	2	35	32	16
Liverpool	16	6	7	3	34	38	15
Manchester City	16	6	8	2	31	33	14
Blackpool	16	6	8	2	29	38	14
SCOTTISH RUGBY CHAMPIONSHIP
	P.	W.	L.	D.	F.	A.	Pts.
Dunfermline	9	8	1	0	96	35	16
Edinburgh Academicals	10	8	2	0	142	62	16
Hawick	8	6	1	1	95	33	13
Heriot's	10	6	3	1	104	52	13
Royal High School	10	6	3	1	92	56	13
Kelso	9	5	3	1	70	48	11
Gala	10	5	4	1	88	60	11
Langholm	8	4	3	1	51	45	9
Watsonians	10	4	5	1	75	80	9
Melrose	9	3	5	1	46	72	7
BLOTTED OUT
FOOTBALL MATCHES OFF OWING TO FOG

At Craiglockhart. Teams: Edinburgh University and Watsonians took the field in heavy conditions. The ball was greasy and handling difficult throughout. Forwards were prominent in the loose, and the backs found little room. A penalty goal was the only score of the first half. After the interval play was keen, the forwards heeling quickly and the backs running with more purpose. A try was scored near the posts and converted. Half-time was reached with the game well balanced. The home side pressed strongly and a fine movement ended in a try. Result follows.

At Craiglockhart. Teams: Edinburgh University and Watsonians took the field in heavy conditions. The ball was greasy and handling difficult throughout. Forwards were prominent in the loose, and the backs found little room. A penalty goal was the only score of the first half. After the interval play was keen, the forwards heeling quickly and the backs running with more purpose. A try was scored near the posts and converted. Half-time was reached with the game well balanced. The home side pressed strongly and a fine movement ended in a try. Result follows.

At Craiglockhart. Teams: Edinburgh University and Watsonians took the field in heavy conditions. The ball was greasy and handling difficult throughout. Forwards were prominent in the loose, and the backs found little room. A penalty goal was the only score of the first half. After the interval play was keen, the forwards heeling quickly and the backs running with more purpose. A try was scored near the posts and converted. Half-time was reached with the game well balanced. The home side pressed strongly and a fine movement ended in a try. Result follows.

At Craiglockhart. Teams: Edinburgh University and Watsonians took the field in heavy conditions. The ball was greasy and handling difficult throughout. Forwards were prominent in the loose, and the backs found little room. A penalty goal was the only score of the first half. After the interval play was keen, the forwards heeling quickly and the backs running with more purpose. A try was scored near the posts and converted. Half-time was reached with the game well balanced. The home side pressed strongly and a fine movement ended in a try. Result follows.

MATCHES OFF
SCOTTISH LEAGUE

At Craiglockhart. Teams: Edinburgh University and Watsonians took the field in heavy conditions. The ball was greasy and handling difficult throughout. Forwards were prominent in the loose, and the backs found little room. A penalty goal was the only score of the first half. After the interval play was keen, the forwards heeling quickly and the backs running with more purpose. A try was scored near the posts and converted. Half-time was reached with the game well balanced. The home side pressed strongly and a fine movement ended in a try. Result follows.

At Craiglockhart. Teams: Edinburgh University and Watsonians took the field in heavy conditions. The ball was greasy and handling difficult throughout. Forwards were prominent in the loose, and the backs found little room. A penalty goal was the only score of the first half. After the interval play was keen, the forwards heeling quickly and the backs running with more purpose. A try was scored near the posts and converted. Half-time was reached with the game well balanced. The home side pressed strongly and a fine movement ended in a try. Result follows.

MONDAY'S GREYHOUNDS
THE POWDERHALL CARD

At Craiglockhart. Teams: Edinburgh University and Watsonians took the field in heavy conditions. The ball was greasy and handling difficult throughout. Forwards were prominent in the loose, and the backs found little room. A penalty goal was the only score of the first half. After the interval play was keen, the forwards heeling quickly and the backs running with more purpose. A try was scored near the posts and converted. Half-time was reached with the game well balanced. The home side pressed strongly and a fine movement ended in a try. Result follows.

At Craiglockhart. Teams: Edinburgh University and Watsonians took the field in heavy conditions. The ball was greasy and handling difficult throughout. Forwards were prominent in the loose, and the backs found little room. A penalty goal was the only score of the first half. After the interval play was keen, the forwards heeling quickly and the backs running with more purpose. A try was scored near the posts and converted. Half-time was reached with the game well balanced. The home side pressed strongly and a fine movement ended in a try. Result follows.

STENHOUSE STADIUM

At Craiglockhart. Teams: Edinburgh University and Watsonians took the field in heavy conditions. The ball was greasy and handling difficult throughout. Forwards were prominent in the loose, and the backs found little room. A penalty goal was the only score of the first half. After the interval play was keen, the forwards heeling quickly and the backs running with more purpose. A try was scored near the posts and converted. Half-time was reached with the game well balanced. The home side pressed strongly and a fine movement ended in a try. Result follows.

At Craiglockhart. Teams: Edinburgh University and Watsonians took the field in heavy conditions. The ball was greasy and handling difficult throughout. Forwards were prominent in the loose, and the backs found little room. A penalty goal was the only score of the first half. After the interval play was keen, the forwards heeling quickly and the backs running with more purpose. A try was scored near the posts and converted. Half-time was reached with the game well balanced. The home side pressed strongly and a fine movement ended in a try. Result follows.

TROTTING
STENHOUSE STADIUM

At Craiglockhart. Teams: Edinburgh University and Watsonians took the field in heavy conditions. The ball was greasy and handling difficult throughout. Forwards were prominent in the loose, and the backs found little room. A penalty goal was the only score of the first half. After the interval play was keen, the forwards heeling quickly and the backs running with more purpose. A try was scored near the posts and converted. Half-time was reached with the game well balanced. The home side pressed strongly and a fine movement ended in a try. Result follows.

At Craiglockhart. Teams: Edinburgh University and Watsonians took the field in heavy conditions. The ball was greasy and handling difficult throughout. Forwards were prominent in the loose, and the backs found little room. A penalty goal was the only score of the first half. After the interval play was keen, the forwards heeling quickly and the backs running with more purpose. A try was scored near the posts and converted. Half-time was reached with the game well balanced. The home side pressed strongly and a fine movement ended in a try. Result follows.

HOCKEY
EDINBURGH UNIVERSITY V. SELKIRK

At Craiglockhart. Teams: Edinburgh University and Watsonians took the field in heavy conditions. The ball was greasy and handling difficult throughout. Forwards were prominent in the loose, and the backs found little room. A penalty goal was the only score of the first half. After the interval play was keen, the forwards heeling quickly and the backs running with more purpose. A try was scored near the posts and converted. Half-time was reached with the game well balanced. The home side pressed strongly and a fine movement ended in a try. Result follows.

At Craiglockhart. Teams: Edinburgh University and Watsonians took the field in heavy conditions. The ball was greasy and handling difficult throughout. Forwards were prominent in the loose, and the backs found little room. A penalty goal was the only score of the first half. After the interval play was keen, the forwards heeling quickly and the backs running with more purpose. A try was scored near the posts and converted. Half-time was reached with the game well balanced. The home side pressed strongly and a fine movement ended in a try. Result follows.

EDINBURGH NORTHERN V. R.A.F.

At Craiglockhart. Teams: Edinburgh University and Watsonians took the field in heavy conditions. The ball was greasy and handling difficult throughout. Forwards were prominent in the loose, and the backs found little room. A penalty goal was the only score of the first half. After the interval play was keen, the forwards heeling quickly and the backs running with more purpose. A try was scored near the posts and converted. Half-time was reached with the game well balanced. The home side pressed strongly and a fine movement ended in a try. Result follows.

At Craiglockhart. Teams: Edinburgh University and Watsonians took the field in heavy conditions. The ball was greasy and handling difficult throughout. Forwards were prominent in the loose, and the backs found little room. A penalty goal was the only score of the first half. After the interval play was keen, the forwards heeling quickly and the backs running with more purpose. A try was scored near the posts and converted. Half-time was reached with the game well balanced. The home side pressed strongly and a fine movement ended in a try. Result follows.

LATE ADVERTISEMENTS

At Craiglockhart. Teams: Edinburgh University and Watsonians took the field in heavy conditions. The ball was greasy and handling difficult throughout. Forwards were prominent in the loose, and the backs found little room. A penalty goal was the only score of the first half. After the interval play was keen, the forwards heeling quickly and the backs running with more purpose. A try was scored near the posts and converted. Half-time was reached with the game well balanced. The home side pressed strongly and a fine movement ended in a try. Result follows.

At Craiglockhart. Teams: Edinburgh University and Watsonians took the field in heavy conditions. The ball was greasy and handling difficult throughout. Forwards were prominent in the loose, and the backs found little room. A penalty goal was the only score of the first half. After the interval play was keen, the forwards heeling quickly and the backs running with more purpose. A try was scored near the posts and converted. Half-time was reached with the game well balanced. The home side pressed strongly and a fine movement ended in a try. Result follows.

ROWNTREE'S
4-CENTRE TABLET
